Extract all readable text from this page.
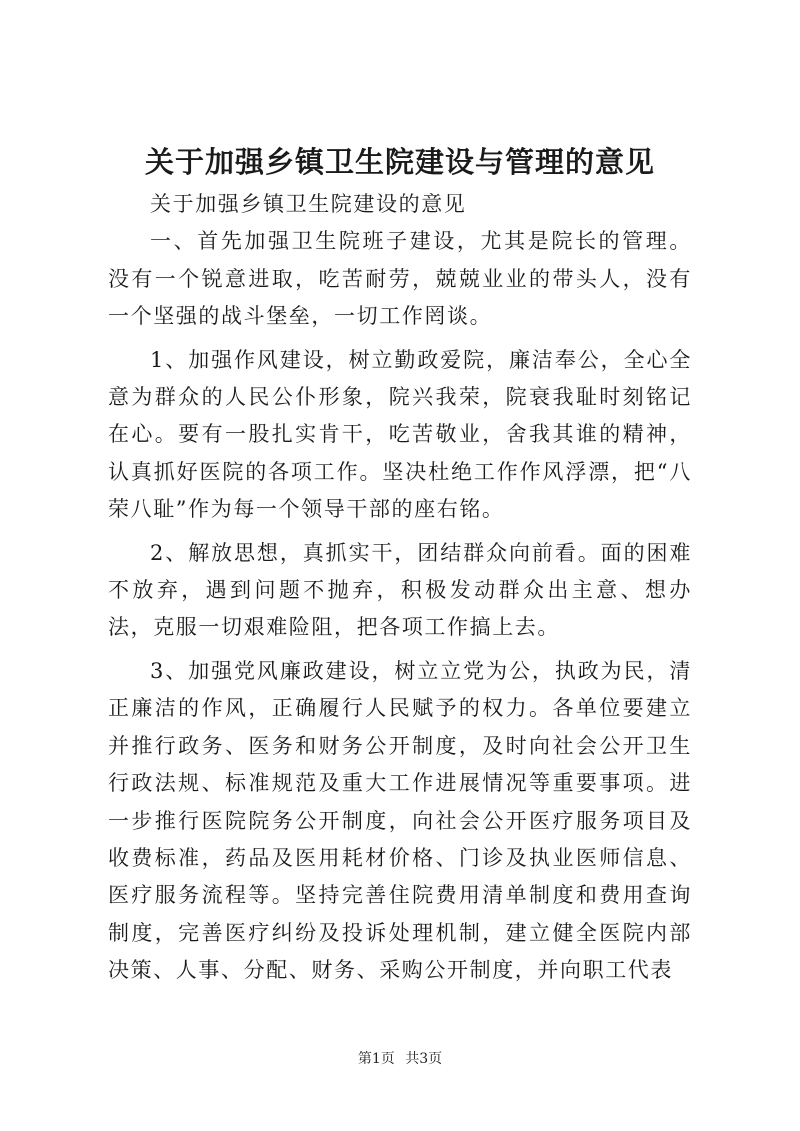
关于加强乡镇卫生院建设与管理的意见

关于加强乡镇卫生院建设的意见

一、首先加强卫生院班子建设，尤其是院长的管理。没有一个锐意进取，吃苦耐劳，兢兢业业的带头人，没有一个坚强的战斗堡垒，一切工作罔谈。

1、加强作风建设，树立勤政爱院，廉洁奉公，全心全意为群众的人民公仆形象，院兴我荣，院衰我耻时刻铭记在心。要有一股扎实肯干，吃苦敬业，舍我其谁的精神，认真抓好医院的各项工作。坚决杜绝工作作风浮漂，把“八荣八耻”作为每一个领导干部的座右铭。

2、解放思想，真抓实干，团结群众向前看。面的困难不放弃，遇到问题不抛弃，积极发动群众出主意、想办法，克服一切艰难险阻，把各项工作搞上去。

3、加强党风廉政建设，树立立党为公，执政为民，清正廉洁的作风，正确履行人民赋予的权力。各单位要建立并推行政务、医务和财务公开制度，及时向社会公开卫生行政法规、标准规范及重大工作进展情况等重要事项。进一步推行医院院务公开制度，向社会公开医疗服务项目及收费标准，药品及医用耗材价格、门诊及执业医师信息、医疗服务流程等。坚持完善住院费用清单制度和费用查询制度，完善医疗纠纷及投诉处理机制，建立健全医院内部决策、人事、分配、财务、采购公开制度，并向职工代表

第1页 共3页
